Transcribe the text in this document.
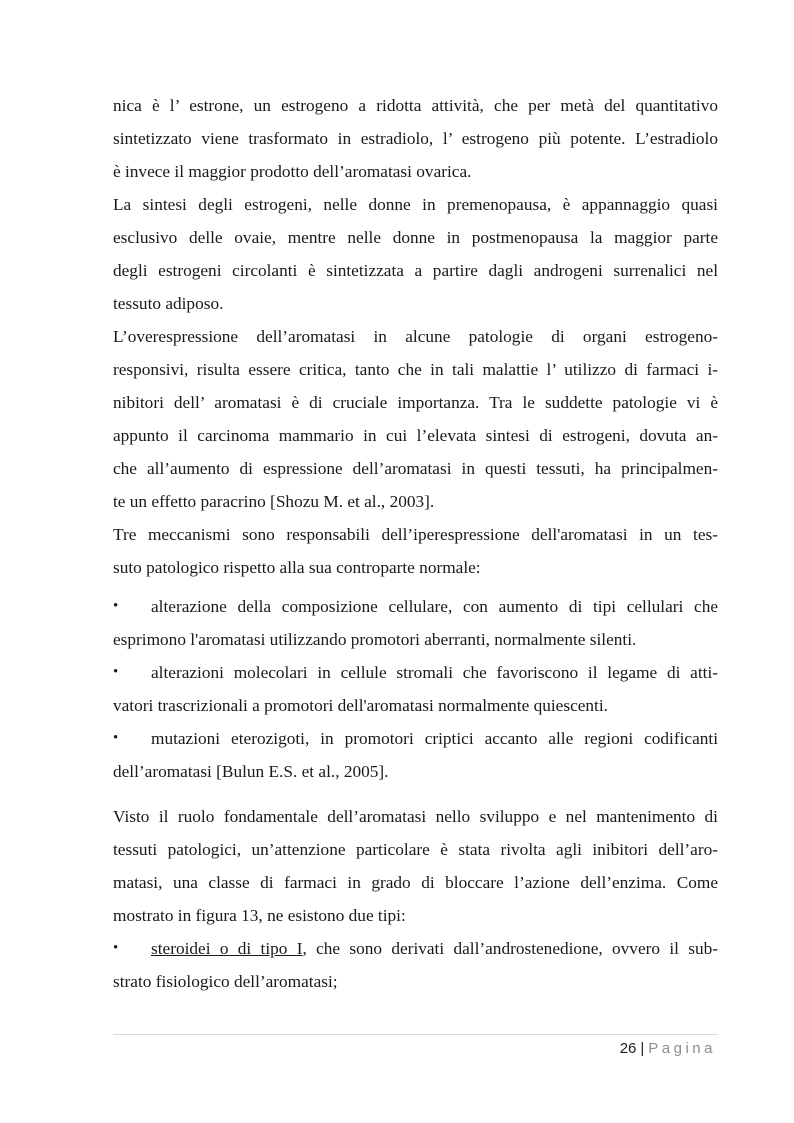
nica è l’ estrone, un estrogeno a ridotta attività, che per metà del quantitativo
sintetizzato viene trasformato in estradiolo, l’ estrogeno più potente. L’estradiolo
è invece il maggior prodotto dell’aromatasi ovarica.
La sintesi degli estrogeni, nelle donne in premenopausa, è appannaggio quasi
esclusivo delle ovaie, mentre nelle donne in postmenopausa la maggior parte
degli estrogeni circolanti è sintetizzata a partire dagli androgeni surrenalici nel
tessuto adiposo.
L’overespressione dell’aromatasi in alcune patologie di organi estrogeno-
responsivi, risulta essere critica, tanto che in tali malattie l’ utilizzo di farmaci i-
nibitori dell’ aromatasi è di cruciale importanza. Tra le suddette patologie vi è
appunto il carcinoma mammario in cui l’elevata sintesi di estrogeni, dovuta an-
che all’aumento di espressione dell’aromatasi in questi tessuti, ha principalmen-
te un effetto paracrino [Shozu M. et al., 2003].
Tre meccanismi sono responsabili dell’iperespressione dell'aromatasi in un tes-
suto patologico rispetto alla sua controparte normale:
• alterazione della composizione cellulare, con aumento di tipi cellulari che
esprimono l'aromatasi utilizzando promotori aberranti, normalmente silenti.
• alterazioni molecolari in cellule stromali che favoriscono il legame di atti-
vatori trascrizionali a promotori dell'aromatasi normalmente quiescenti.
• mutazioni eterozigoti, in promotori criptici accanto alle regioni codificanti
dell’aromatasi [Bulun E.S. et al., 2005].
Visto il ruolo fondamentale dell’aromatasi nello sviluppo e nel mantenimento di
tessuti patologici, un’attenzione particolare è stata rivolta agli inibitori dell’aro-
matasi, una classe di farmaci in grado di bloccare l’azione dell’enzima. Come
mostrato in figura 13, ne esistono due tipi:
• steroidei o di tipo I, che sono derivati dall’androstenedione, ovvero il sub-
strato fisiologico dell’aromatasi;
26 | Pagina
